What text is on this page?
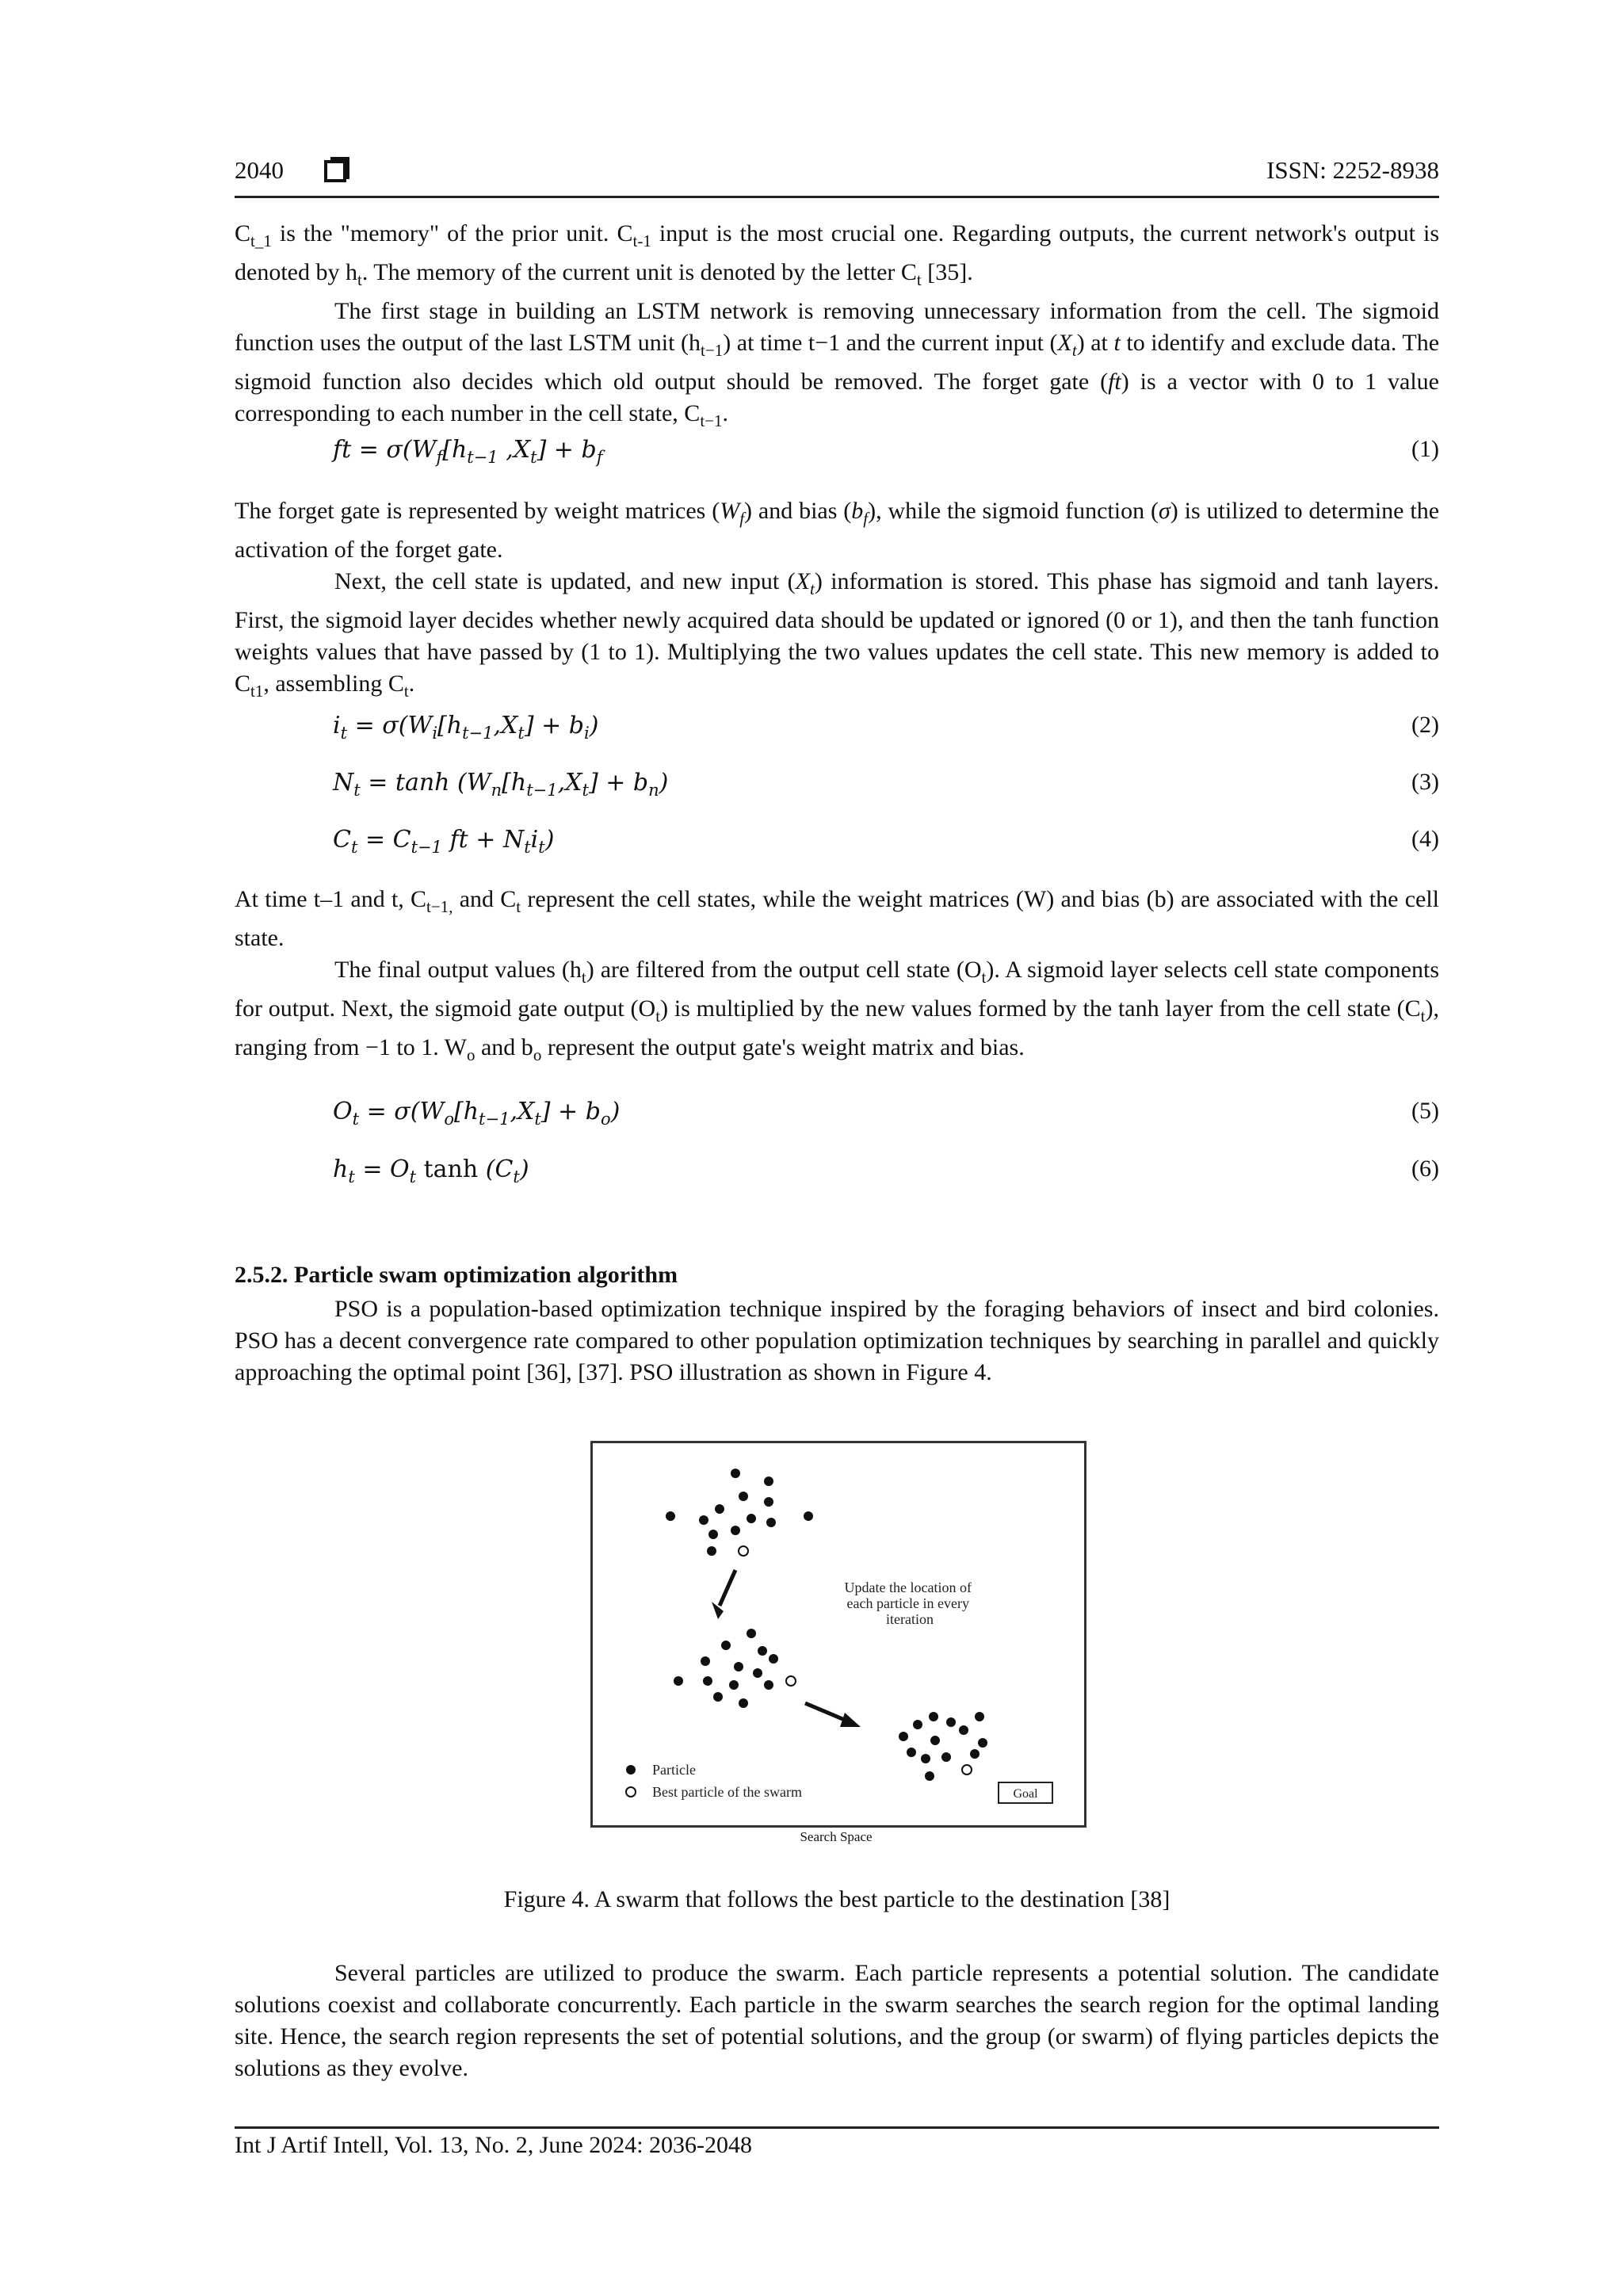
2040	ISSN: 2252-8938

$C_{t\_1}$ is the "memory" of the prior unit. $C_{t-1}$ input is the most crucial one. Regarding outputs, the current network's output is denoted by $h_t$. The memory of the current unit is denoted by the letter $C_t$ [35].

The first stage in building an LSTM network is removing unnecessary information from the cell. The sigmoid function uses the output of the last LSTM unit $(h_{t-1})$ at time t−1 and the current input $(X_t)$ at t to identify and exclude data. The sigmoid function also decides which old output should be removed. The forget gate (ft) is a vector with 0 to 1 value corresponding to each number in the cell state, $C_{t-1}$.

ft = $\sigma(W_f[h_{t-1}$ $,X_t] + b_f$	(1)

The forget gate is represented by weight matrices $(W_f)$ and bias $(b_f)$, while the sigmoid function (σ) is utilized to determine the activation of the forget gate.

Next, the cell state is updated, and new input $(X_t)$ information is stored. This phase has sigmoid and tanh layers. First, the sigmoid layer decides whether newly acquired data should be updated or ignored (0 or 1), and then the tanh function weights values that have passed by (1 to 1). Multiplying the two values updates the cell state. This new memory is added to $C_{t1}$, assembling $C_t$.

$i_t = \sigma(W_i[h_{t-1},X_t] + b_i)$	(2)
$N_t = \tanh (W_n[h_{t-1},X_t] + b_n)$	(3)
$C_t = C_{t-1}$ ft + $N_ti_t$)	(4)

At time t–1 and t, $C_{t-1,}$ and $C_t$ represent the cell states, while the weight matrices (W) and bias (b) are associated with the cell state.

The final output values $(h_t)$ are filtered from the output cell state $(O_t)$. A sigmoid layer selects cell state components for output. Next, the sigmoid gate output $(O_t)$ is multiplied by the new values formed by the tanh layer from the cell state $(C_t)$, ranging from −1 to 1. $W_o$ and $b_o$ represent the output gate's weight matrix and bias.

$O_t = \sigma(W_o[h_{t-1},X_t] + b_o)$	(5)
$h_t = O_t$ $\tanh (C_t)$	(6)
2.5.2. Particle swam optimization algorithm

PSO is a population-based optimization technique inspired by the foraging behaviors of insect and bird colonies. PSO has a decent convergence rate compared to other population optimization techniques by searching in parallel and quickly approaching the optimal point [36], [37]. PSO illustration as shown in Figure 4.

Update the location of each particle in every iteration
Particle
Best particle of the swarm	Goal
Search Space
Figure 4. A swarm that follows the best particle to the destination [38]

Several particles are utilized to produce the swarm. Each particle represents a potential solution. The candidate solutions coexist and collaborate concurrently. Each particle in the swarm searches the search region for the optimal landing site. Hence, the search region represents the set of potential solutions, and the group (or swarm) of flying particles depicts the solutions as they evolve.

Int J Artif Intell, Vol. 13, No. 2, June 2024: 2036-2048
